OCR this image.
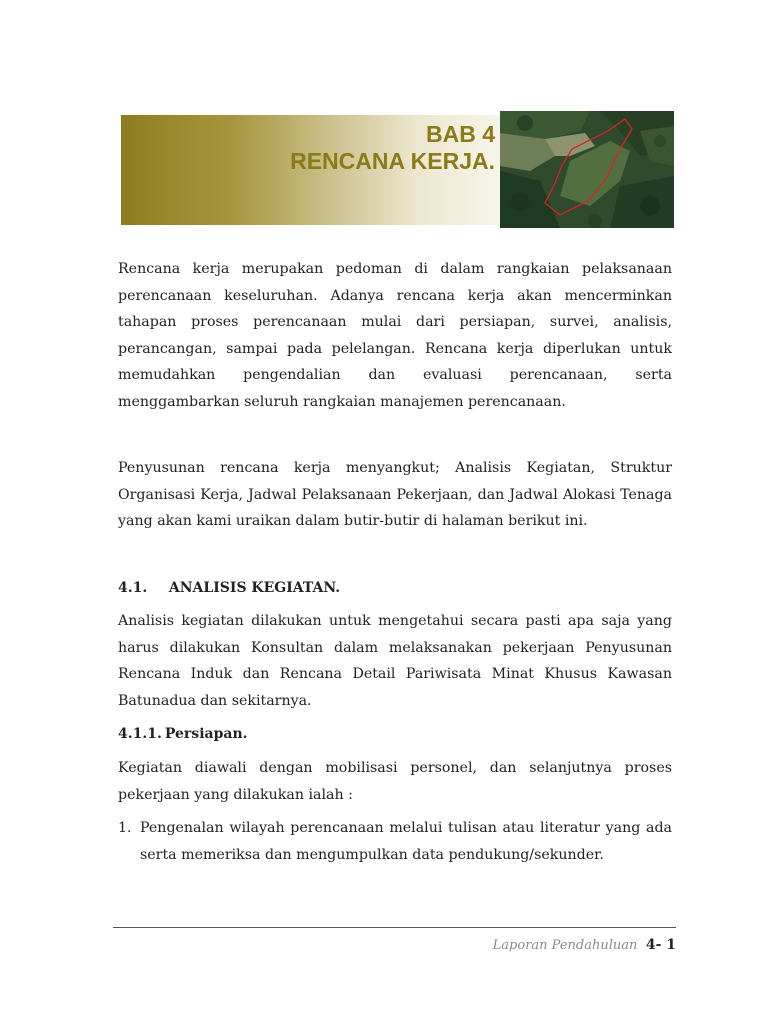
BAB 4
RENCANA KERJA.

Rencana kerja merupakan pedoman di dalam rangkaian pelaksanaan perencanaan keseluruhan. Adanya rencana kerja akan mencerminkan tahapan proses perencanaan mulai dari persiapan, survei, analisis, perancangan, sampai pada pelelangan. Rencana kerja diperlukan untuk memudahkan pengendalian dan evaluasi perencanaan, serta menggambarkan seluruh rangkaian manajemen perencanaan.

Penyusunan rencana kerja menyangkut; Analisis Kegiatan, Struktur Organisasi Kerja, Jadwal Pelaksanaan Pekerjaan, dan Jadwal Alokasi Tenaga yang akan kami uraikan dalam butir-butir di halaman berikut ini.

4.1. ANALISIS KEGIATAN.

Analisis kegiatan dilakukan untuk mengetahui secara pasti apa saja yang harus dilakukan Konsultan dalam melaksanakan pekerjaan Penyusunan Rencana Induk dan Rencana Detail Pariwisata Minat Khusus Kawasan Batunadua dan sekitarnya.

4.1.1. Persiapan.

Kegiatan diawali dengan mobilisasi personel, dan selanjutnya proses pekerjaan yang dilakukan ialah :

1. Pengenalan wilayah perencanaan melalui tulisan atau literatur yang ada serta memeriksa dan mengumpulkan data pendukung/sekunder.
Laporan Pendahuluan 4- 1
